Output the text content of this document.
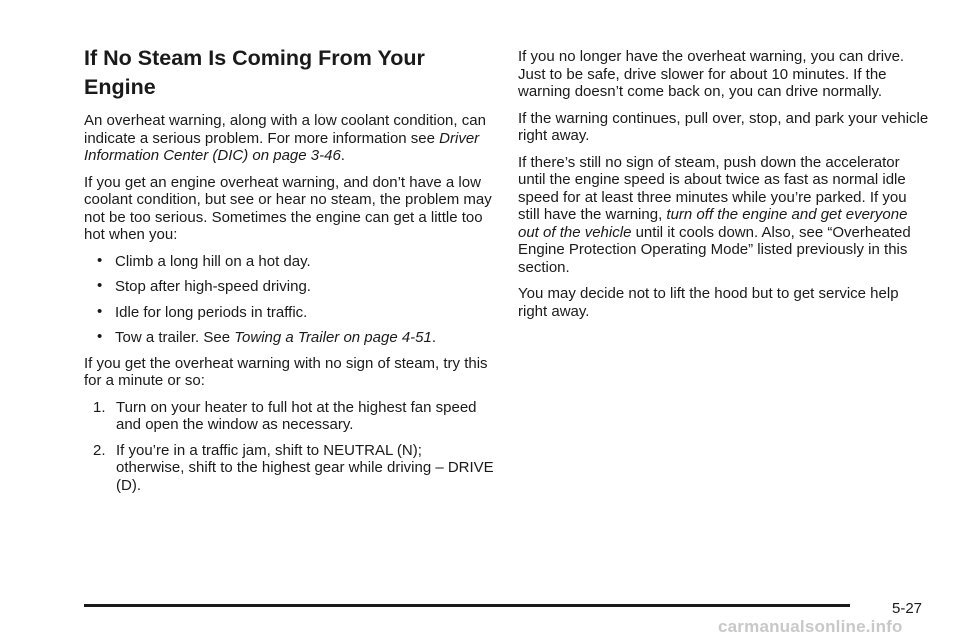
If No Steam Is Coming From Your Engine

An overheat warning, along with a low coolant condition, can indicate a serious problem. For more information see Driver Information Center (DIC) on page 3-46.

If you get an engine overheat warning, and don’t have a low coolant condition, but see or hear no steam, the problem may not be too serious. Sometimes the engine can get a little too hot when you:

• Climb a long hill on a hot day.
• Stop after high-speed driving.
• Idle for long periods in traffic.
• Tow a trailer. See Towing a Trailer on page 4-51.

If you get the overheat warning with no sign of steam, try this for a minute or so:

1. Turn on your heater to full hot at the highest fan speed and open the window as necessary.
2. If you’re in a traffic jam, shift to NEUTRAL (N); otherwise, shift to the highest gear while driving – DRIVE (D).

If you no longer have the overheat warning, you can drive. Just to be safe, drive slower for about 10 minutes. If the warning doesn’t come back on, you can drive normally.

If the warning continues, pull over, stop, and park your vehicle right away.

If there’s still no sign of steam, push down the accelerator until the engine speed is about twice as fast as normal idle speed for at least three minutes while you’re parked. If you still have the warning, turn off the engine and get everyone out of the vehicle until it cools down. Also, see “Overheated Engine Protection Operating Mode” listed previously in this section.

You may decide not to lift the hood but to get service help right away.

5-27
carmanualsonline.info
